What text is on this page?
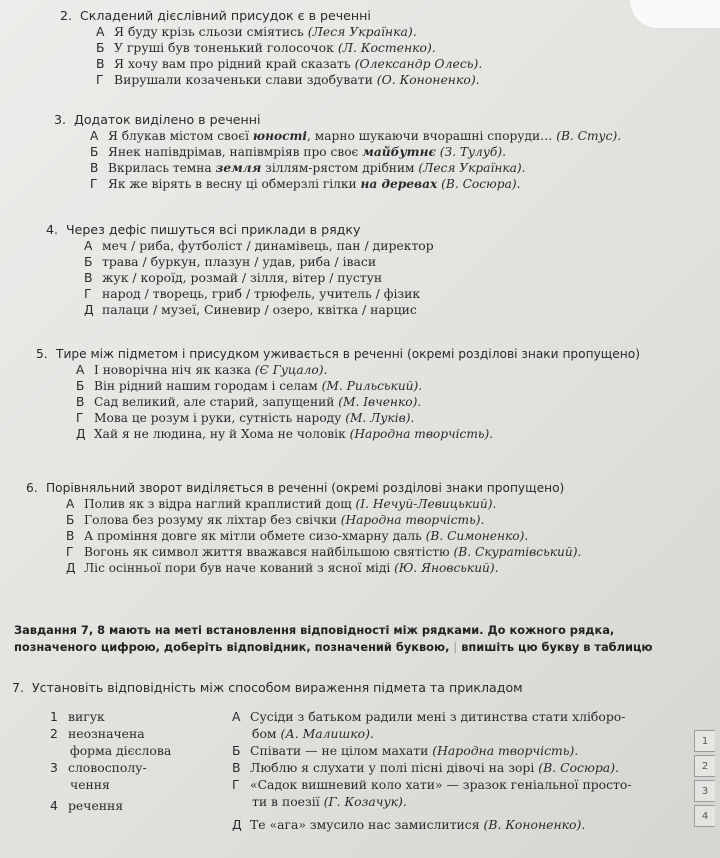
2. Складений дієслівний присудок є в реченні
А Я буду крізь сльози сміятись (Леся Українка).
Б У груші був тоненький голосочок (Л. Костенко).
В Я хочу вам про рідний край сказать (Олександр Олесь).
Г Вирушали козаченьки слави здобувати (О. Кононенко).
3. Додаток виділено в реченні
А Я блукав містом своєї юності, марно шукаючи вчорашні споруди… (В. Стус).
Б Янек напівдрімав, напівмріяв про своє майбутнє (З. Тулуб).
В Вкрилась темна земля зіллям-рястом дрібним (Леся Українка).
Г Як же вірять в весну ці обмерзлі гілки на деревах (В. Сосюра).
4. Через дефіс пишуться всі приклади в рядку
А меч / риба, футболіст / динамівець, пан / директор
Б трава / буркун, плазун / удав, риба / іваси
В жук / короїд, розмай / зілля, вітер / пустун
Г народ / творець, гриб / трюфель, учитель / фізик
Д палаци / музеї, Синевир / озеро, квітка / нарцис
5. Тире між підметом і присудком уживається в реченні (окремі розділові знаки пропущено)
А І новорічна ніч як казка (Є Гуцало).
Б Він рідний нашим городам і селам (М. Рильський).
В Сад великий, але старий, запущений (М. Івченко).
Г Мова це розум і руки, сутність народу (М. Луків).
Д Хай я не людина, ну й Хома не чоловік (Народна творчість).
6. Порівняльний зворот виділяється в реченні (окремі розділові знаки пропущено)
А Полив як з відра наглий краплистий дощ (І. Нечуй-Левицький).
Б Голова без розуму як ліхтар без свічки (Народна творчість).
В А проміння довге як мітли обмете сизо-хмарну даль (В. Симоненко).
Г Вогонь як символ життя вважався найбільшою святістю (В. Скуратівський).
Д Ліс осінньої пори був наче кований з ясної міді (Ю. Яновський).
Завдання 7, 8 мають на меті встановлення відповідності між рядками. До кожного рядка,
позначеного цифрою, доберіть відповідник, позначений буквою, | впишіть цю букву в таблицю
7. Установіть відповідність між способом вираження підмета та прикладом
1 вигук
2 неозначена
форма дієслова
3 словосполу-
чення
4 речення
А Сусіди з батьком радили мені з дитинства стати хлібoро-
бом (А. Малишко).
Б Співати — не цілом махати (Народна творчість).
В Люблю я слухати у полі пісні дівочі на зорі (В. Сосюра).
Г «Садок вишневий коло хати» — зразок геніальної просто-
ти в поезії (Г. Козачук).
Д Те «ага» змусило нас замислитися (В. Кононенко).
1
2
3
4
